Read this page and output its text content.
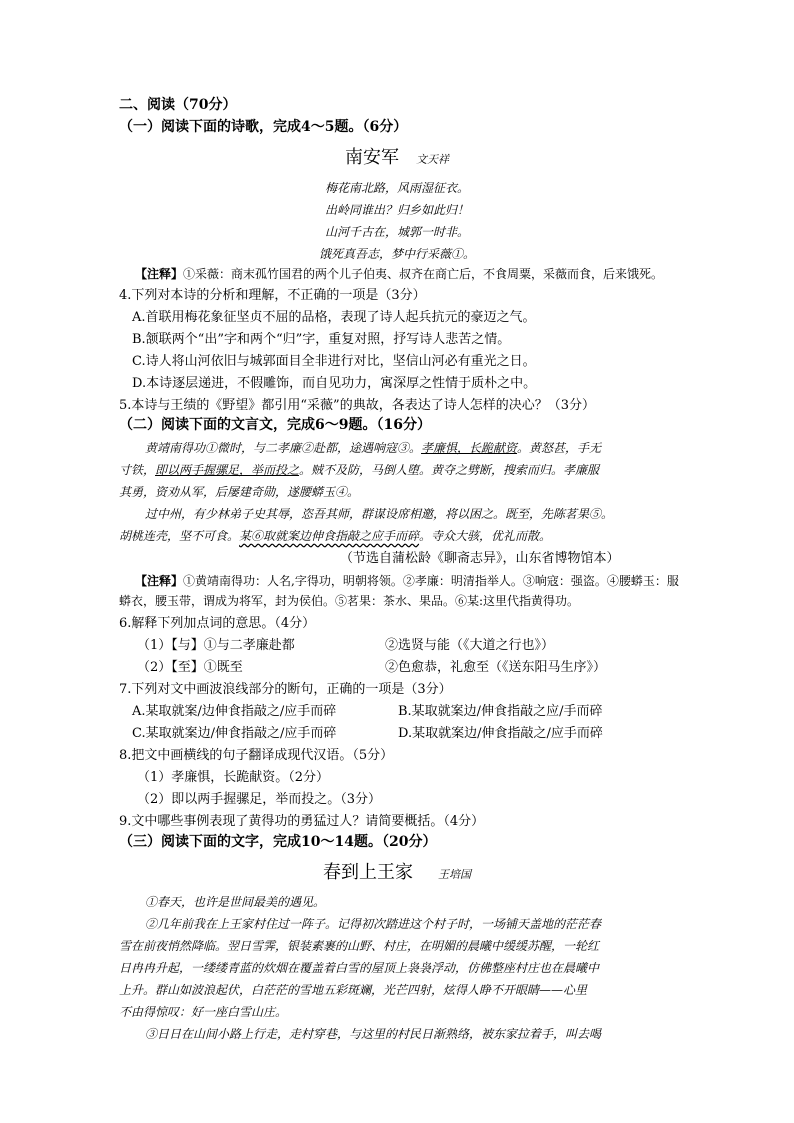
二、阅读（70分）
（一）阅读下面的诗歌，完成4～5题。（6分）
南安军 文天祥
梅花南北路，风雨湿征衣。
出岭同谁出？归乡如此归！
山河千古在，城郭一时非。
饿死真吾志，梦中行采薇①。
【注释】①采薇：商末孤竹国君的两个儿子伯夷、叔齐在商亡后，不食周粟，采薇而食，后来饿死。
4.下列对本诗的分析和理解，不正确的一项是（3分）
A.首联用梅花象征坚贞不屈的品格，表现了诗人起兵抗元的豪迈之气。
B.颔联两个“出”字和两个“归”字，重复对照，抒写诗人悲苦之情。
C.诗人将山河依旧与城郭面目全非进行对比，坚信山河必有重光之日。
D.本诗逐层递进，不假雕饰，而自见功力，寓深厚之性情于质朴之中。
5.本诗与王绩的《野望》都引用“采薇”的典故，各表达了诗人怎样的决心？（3分）
（二）阅读下面的文言文，完成6～9题。（16分）
黄靖南得功①微时，与二孝廉②赴都，途遇响寇③。孝廉惧，长跪献资。黄怒甚，手无
寸铁，即以两手握骡足，举而投之。贼不及防，马倒人堕。黄夺之劈断，搜索而归。孝廉服
其勇，资劝从军，后屡建奇勋，遂腰蟒玉④。
过中州，有少林弟子史其辱，恣吾其师，群谋设席相邀，将以困之。既至，先陈茗果⑤。
胡桃连壳，坚不可食。某⑥取就案边伸食指敲之应手而碎。寺众大骇，优礼而散。
（节选自蒲松龄《聊斋志异》，山东省博物馆本）
【注释】①黄靖南得功：人名,字得功，明朝将领。②孝廉：明清指举人。③响寇：强盗。④腰蟒玉：服
蟒衣，腰玉带，谓成为将军，封为侯伯。⑤茗果：茶水、果品。⑥某:这里代指黄得功。
6.解释下列加点词的意思。（4分）
（1）【与】①与二孝廉赴都	②选贤与能（《大道之行也》）
（2）【至】①既至	②色愈恭，礼愈至（《送东阳马生序》）
7.下列对文中画波浪线部分的断句，正确的一项是（3分）
A.某取就案/边伸食指敲之/应手而碎	B.某取就案边/伸食指敲之应/手而碎
C.某取就案边/伸食指敲之/应手而碎	D.某取就案边/伸食指敲之/应手而碎
8.把文中画横线的句子翻译成现代汉语。（5分）
（1）孝廉惧，长跪献资。（2分）
（2）即以两手握骡足，举而投之。（3分）
9.文中哪些事例表现了黄得功的勇猛过人？请简要概括。（4分）
（三）阅读下面的文字，完成10～14题。（20分）
春到上王家 王培国
①春天，也许是世间最美的遇见。
②几年前我在上王家村住过一阵子。记得初次踏进这个村子时，一场铺天盖地的茫茫春
雪在前夜悄然降临。翌日雪霁，银装素裹的山野、村庄，在明媚的晨曦中缓缓苏醒，一轮红
日冉冉升起，一缕缕青蓝的炊烟在覆盖着白雪的屋顶上袅袅浮动，仿佛整座村庄也在晨曦中
上升。群山如波浪起伏，白茫茫的雪地五彩斑斓，光芒四射，炫得人睁不开眼睛——心里
不由得惊叹：好一座白雪山庄。
③日日在山间小路上行走，走村穿巷，与这里的村民日渐熟络，被东家拉着手，叫去喝
